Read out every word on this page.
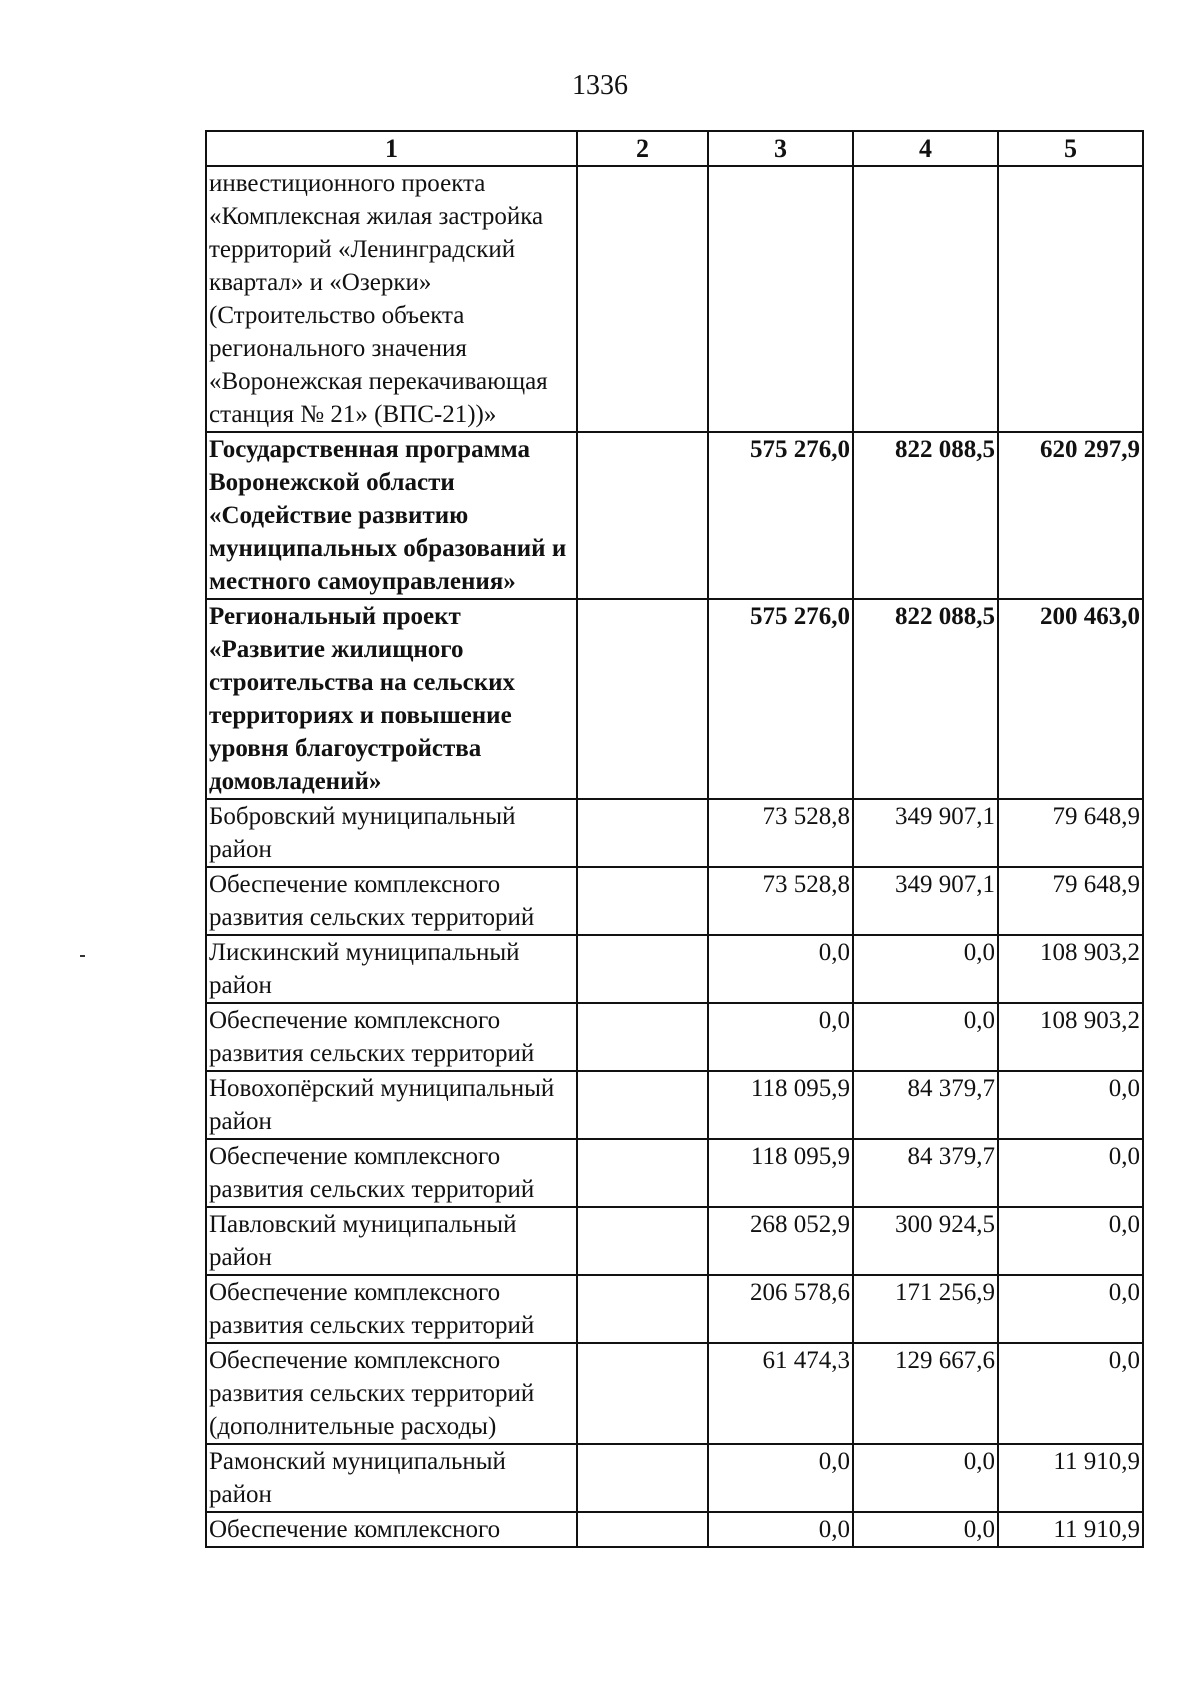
1336
1	2	3	4	5
инвестиционного проекта «Комплексная жилая застройка территорий «Ленинградский квартал» и «Озерки» (Строительство объекта регионального значения «Воронежская перекачивающая станция № 21» (ВПС-21))»				
Государственная программа Воронежской области «Содействие развитию муниципальных образований и местного самоуправления»		575 276,0	822 088,5	620 297,9
Региональный проект «Развитие жилищного строительства на сельских территориях и повышение уровня благоустройства домовладений»		575 276,0	822 088,5	200 463,0
Бобровский муниципальный район		73 528,8	349 907,1	79 648,9
Обеспечение комплексного развития сельских территорий		73 528,8	349 907,1	79 648,9
Лискинский муниципальный район		0,0	0,0	108 903,2
Обеспечение комплексного развития сельских территорий		0,0	0,0	108 903,2
Новохопёрский муниципальный район		118 095,9	84 379,7	0,0
Обеспечение комплексного развития сельских территорий		118 095,9	84 379,7	0,0
Павловский муниципальный район		268 052,9	300 924,5	0,0
Обеспечение комплексного развития сельских территорий		206 578,6	171 256,9	0,0
Обеспечение комплексного развития сельских территорий (дополнительные расходы)		61 474,3	129 667,6	0,0
Рамонский муниципальный район		0,0	0,0	11 910,9
Обеспечение комплексного		0,0	0,0	11 910,9
